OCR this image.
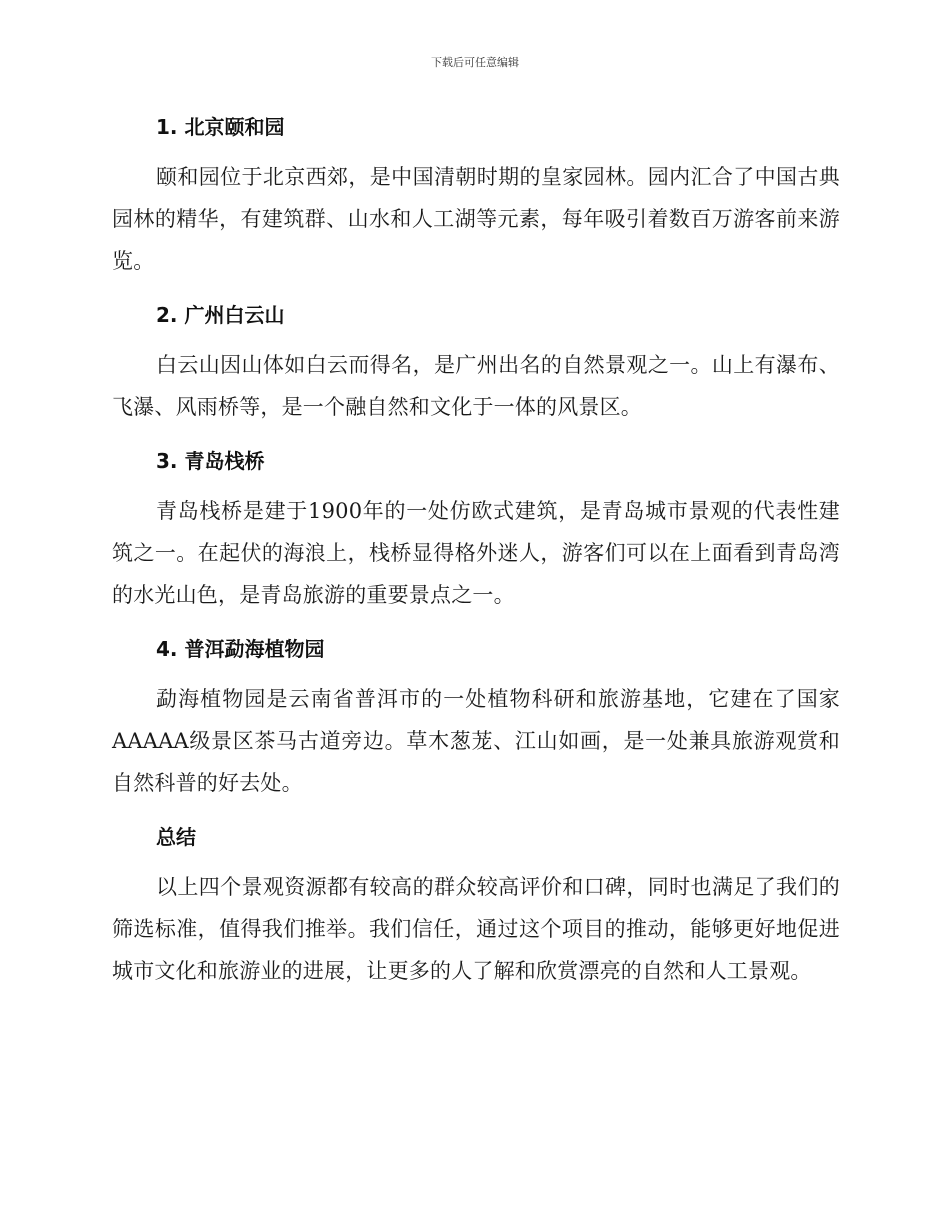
下载后可任意编辑
1. 北京颐和园

颐和园位于北京西郊，是中国清朝时期的皇家园林。园内汇合了中国古典园林的精华，有建筑群、山水和人工湖等元素，每年吸引着数百万游客前来游览。

2. 广州白云山

白云山因山体如白云而得名，是广州出名的自然景观之一。山上有瀑布、飞瀑、风雨桥等，是一个融自然和文化于一体的风景区。

3. 青岛栈桥

青岛栈桥是建于1900年的一处仿欧式建筑，是青岛城市景观的代表性建筑之一。在起伏的海浪上，栈桥显得格外迷人，游客们可以在上面看到青岛湾的水光山色，是青岛旅游的重要景点之一。

4. 普洱勐海植物园

勐海植物园是云南省普洱市的一处植物科研和旅游基地，它建在了国家AAAAA级景区茶马古道旁边。草木葱茏、江山如画，是一处兼具旅游观赏和自然科普的好去处。

总结

以上四个景观资源都有较高的群众较高评价和口碑，同时也满足了我们的筛选标准，值得我们推举。我们信任，通过这个项目的推动，能够更好地促进城市文化和旅游业的进展，让更多的人了解和欣赏漂亮的自然和人工景观。
